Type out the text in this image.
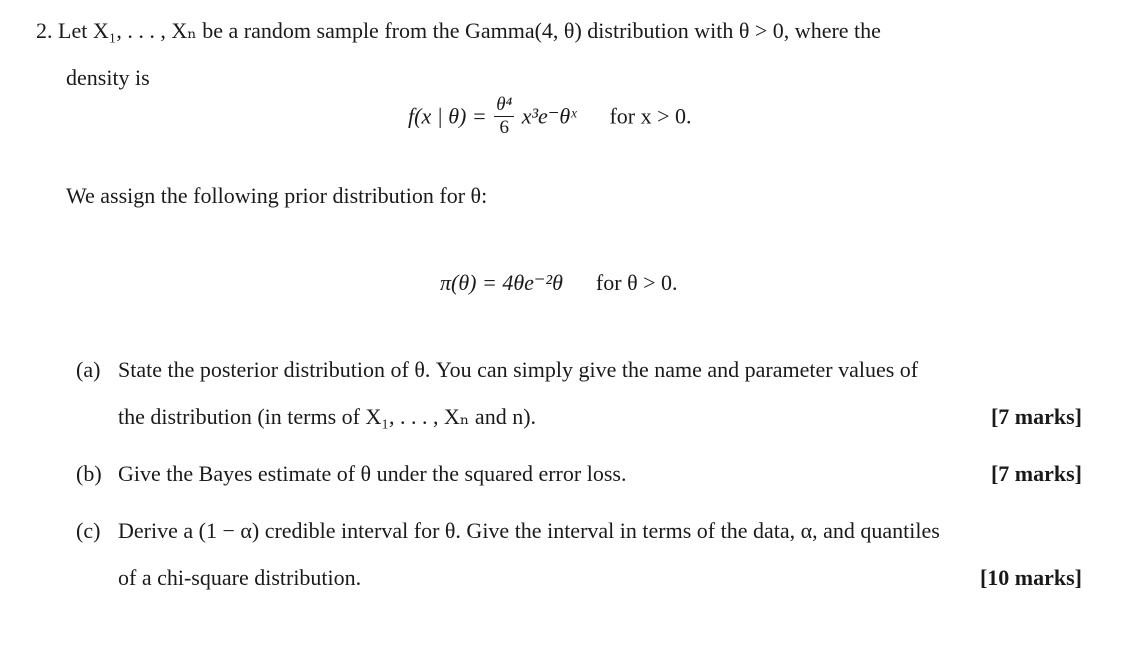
2. Let X₁, . . . , Xₙ be a random sample from the Gamma(4, θ) distribution with θ > 0, where the
density is
f(x | $\theta) = \frac{\text{θ⁴}}{6}$ x³e⁻θˣ for x > 0.
We assign the following prior distribution for θ:
π(θ) = 4θe⁻²θ for θ > 0.
(a) State the posterior distribution of θ. You can simply give the name and parameter values of
the distribution (in terms of X₁, . . . , Xₙ and n).	[7 marks]
(b) Give the Bayes estimate of θ under the squared error loss.	[7 marks]
(c) Derive a (1 − α) credible interval for θ. Give the interval in terms of the data, α, and quantiles
of a chi-square distribution.	[10 marks]
